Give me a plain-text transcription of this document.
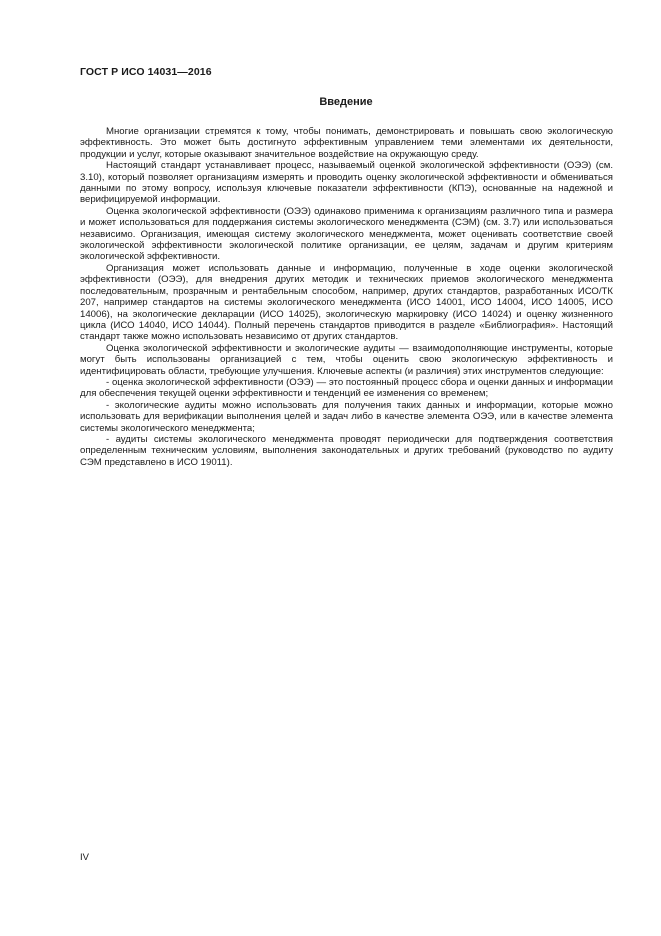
ГОСТ Р ИСО 14031—2016
Введение

Многие организации стремятся к тому, чтобы понимать, демонстрировать и повышать свою экологическую эффективность. Это может быть достигнуто эффективным управлением теми элементами их деятельности, продукции и услуг, которые оказывают значительное воздействие на окружающую среду.

Настоящий стандарт устанавливает процесс, называемый оценкой экологической эффективности (ОЭЭ) (см. 3.10), который позволяет организациям измерять и проводить оценку экологической эффективности и обмениваться данными по этому вопросу, используя ключевые показатели эффективности (КПЭ), основанные на надежной и верифицируемой информации.

Оценка экологической эффективности (ОЭЭ) одинаково применима к организациям различного типа и размера и может использоваться для поддержания системы экологического менеджмента (СЭМ) (см. 3.7) или использоваться независимо. Организация, имеющая систему экологического менеджмента, может оценивать соответствие своей экологической эффективности экологической политике организации, ее целям, задачам и другим критериям экологической эффективности.

Организация может использовать данные и информацию, полученные в ходе оценки экологической эффективности (ОЭЭ), для внедрения других методик и технических приемов экологического менеджмента последовательным, прозрачным и рентабельным способом, например, других стандартов, разработанных ИСО/ТК 207, например стандартов на системы экологического менеджмента (ИСО 14001, ИСО 14004, ИСО 14005, ИСО 14006), на экологические декларации (ИСО 14025), экологическую маркировку (ИСО 14024) и оценку жизненного цикла (ИСО 14040, ИСО 14044). Полный перечень стандартов приводится в разделе «Библиография». Настоящий стандарт также можно использовать независимо от других стандартов.

Оценка экологической эффективности и экологические аудиты — взаимодополняющие инструменты, которые могут быть использованы организацией с тем, чтобы оценить свою экологическую эффективность и идентифицировать области, требующие улучшения. Ключевые аспекты (и различия) этих инструментов следующие:

- оценка экологической эффективности (ОЭЭ) — это постоянный процесс сбора и оценки данных и информации для обеспечения текущей оценки эффективности и тенденций ее изменения со временем;

- экологические аудиты можно использовать для получения таких данных и информации, которые можно использовать для верификации выполнения целей и задач либо в качестве элемента ОЭЭ, или в качестве элемента системы экологического менеджмента;

- аудиты системы экологического менеджмента проводят периодически для подтверждения соответствия определенным техническим условиям, выполнения законодательных и других требований (руководство по аудиту СЭМ представлено в ИСО 19011).

IV
